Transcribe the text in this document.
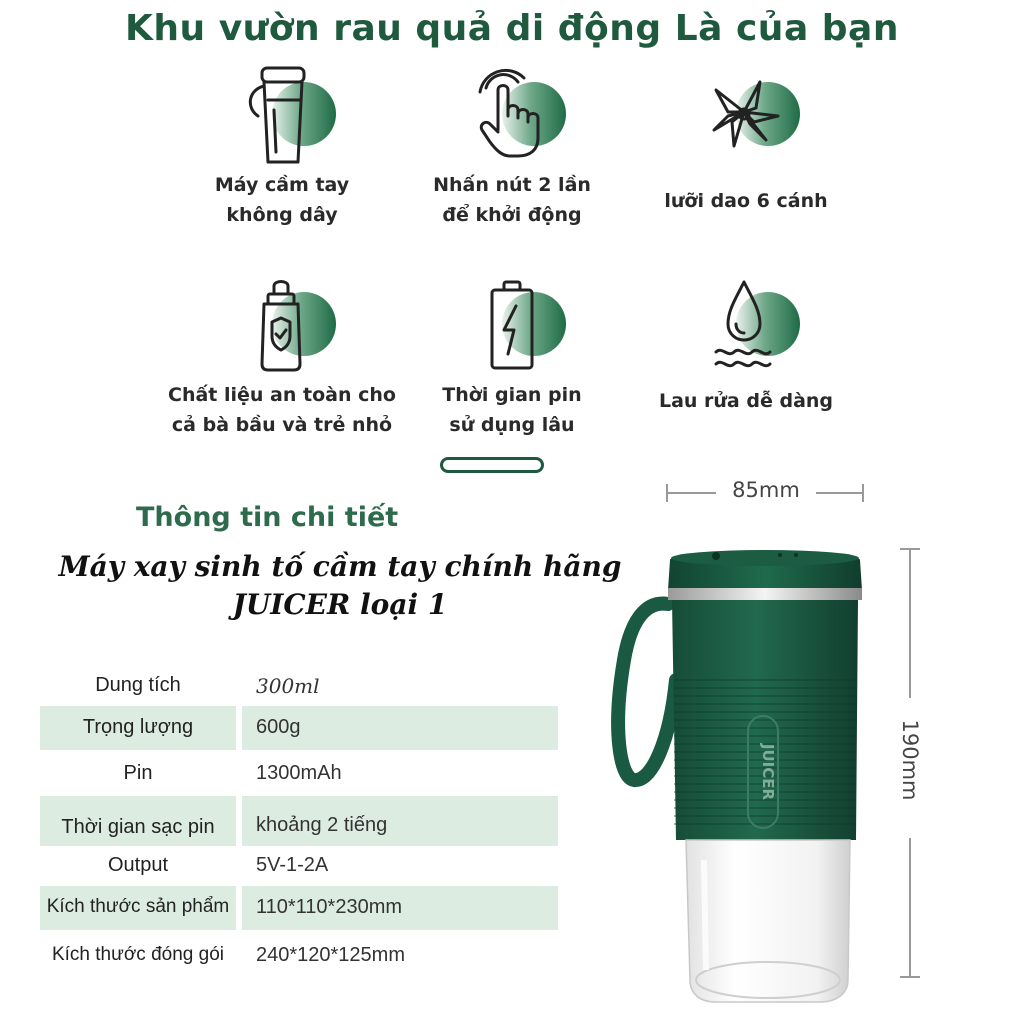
Khu vườn rau quả di động Là của bạn
Máy cầm tay
không dây
Nhấn nút 2 lần
để khởi động
lưỡi dao 6 cánh
Chất liệu an toàn cho
cả bà bầu và trẻ nhỏ
Thời gian pin
sử dụng lâu
Lau rửa dễ dàng
Thông tin chi tiết
Máy xay sinh tố cầm tay chính hãng
JUICER loại 1
Dung tích	300ml
Trọng lượng	600g
Pin	1300mAh
Thời gian sạc pin	khoảng 2 tiếng
Output	5V-1-2A
Kích thước sản phẩm	110*110*230mm
Kích thước đóng gói	240*120*125mm
85mm
190mm
JUICER
